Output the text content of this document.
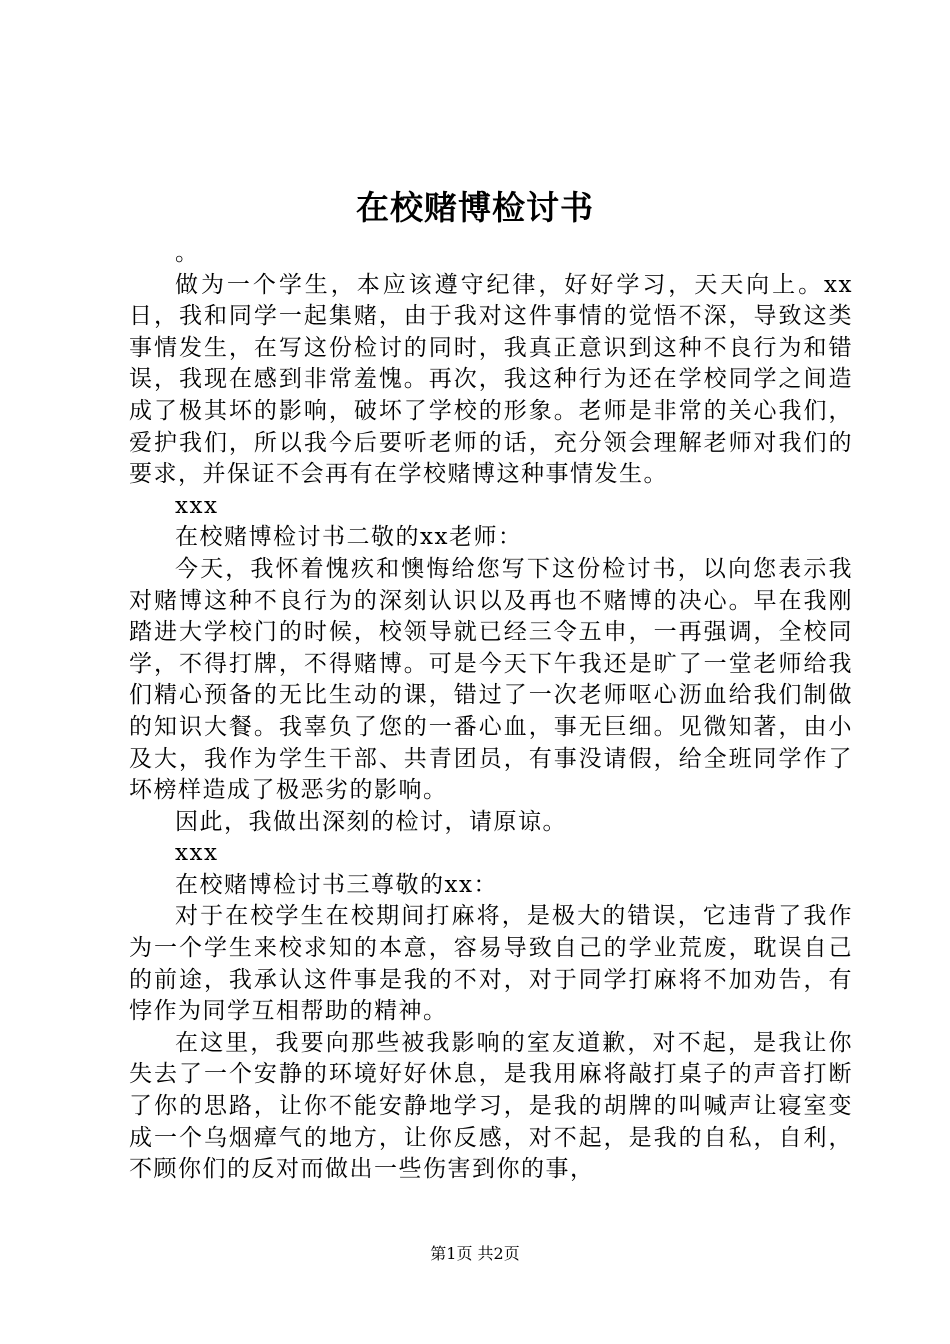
在校赌博检讨书

。

做为一个学生，本应该遵守纪律，好好学习，天天向上。xx日，我和同学一起集赌，由于我对这件事情的觉悟不深，导致这类事情发生，在写这份检讨的同时，我真正意识到这种不良行为和错误，我现在感到非常羞愧。再次，我这种行为还在学校同学之间造成了极其坏的影响，破坏了学校的形象。老师是非常的关心我们，爱护我们，所以我今后要听老师的话，充分领会理解老师对我们的要求，并保证不会再有在学校赌博这种事情发生。

xxx

在校赌博检讨书二敬的xx老师：

今天，我怀着愧疚和懊悔给您写下这份检讨书，以向您表示我对赌博这种不良行为的深刻认识以及再也不赌博的决心。早在我刚踏进大学校门的时候，校领导就已经三令五申，一再强调，全校同学，不得打牌，不得赌博。可是今天下午我还是旷了一堂老师给我们精心预备的无比生动的课，错过了一次老师呕心沥血给我们制做的知识大餐。我辜负了您的一番心血，事无巨细。见微知著，由小及大，我作为学生干部、共青团员，有事没请假，给全班同学作了坏榜样造成了极恶劣的影响。

因此，我做出深刻的检讨，请原谅。

xxx

在校赌博检讨书三尊敬的xx：

对于在校学生在校期间打麻将，是极大的错误，它违背了我作为一个学生来校求知的本意，容易导致自己的学业荒废，耽误自己的前途，我承认这件事是我的不对，对于同学打麻将不加劝告，有悖作为同学互相帮助的精神。

在这里，我要向那些被我影响的室友道歉，对不起，是我让你失去了一个安静的环境好好休息，是我用麻将敲打桌子的声音打断了你的思路，让你不能安静地学习，是我的胡牌的叫喊声让寝室变成一个乌烟瘴气的地方，让你反感，对不起，是我的自私，自利，不顾你们的反对而做出一些伤害到你的事，

第1页 共2页
